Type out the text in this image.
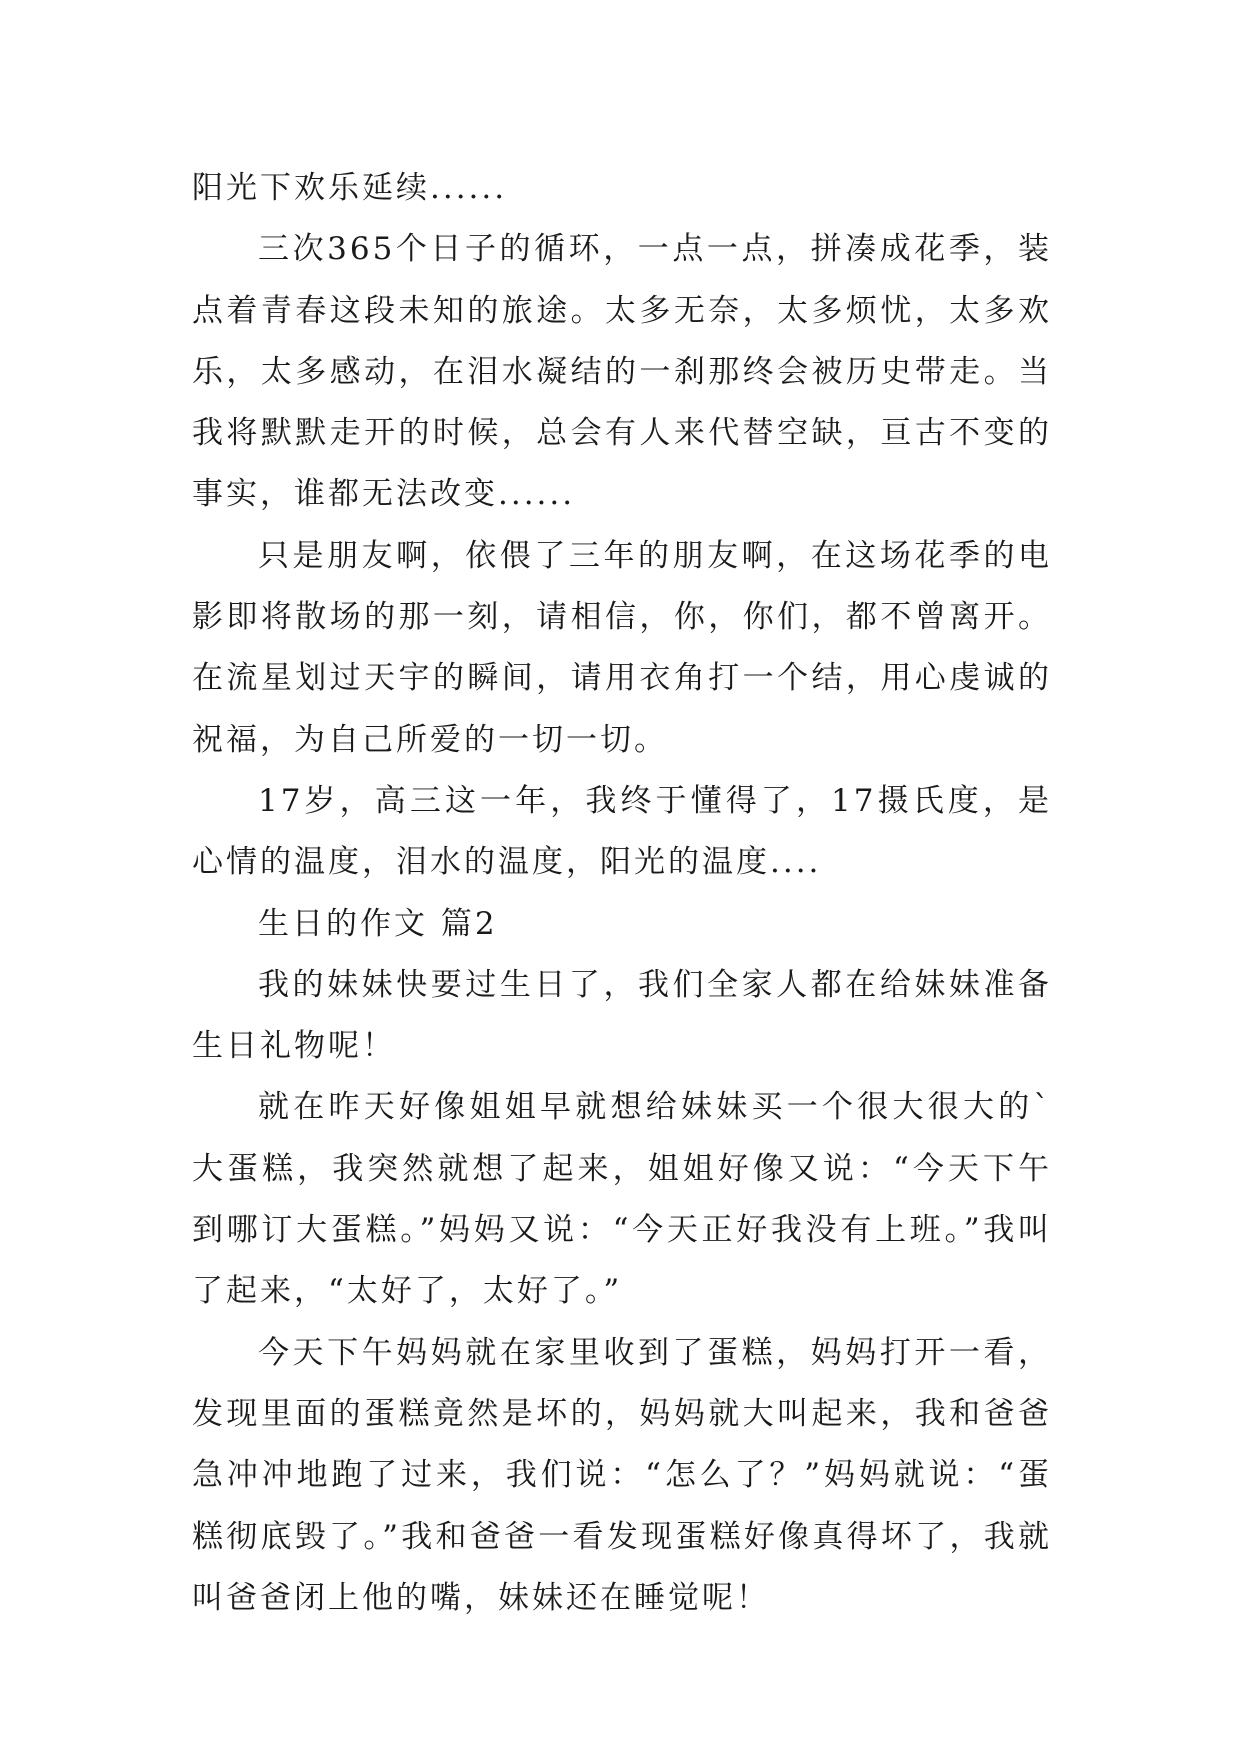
阳光下欢乐延续......

三次365个日子的循环，一点一点，拼凑成花季，装点着青春这段未知的旅途。太多无奈，太多烦忧，太多欢乐，太多感动，在泪水凝结的一刹那终会被历史带走。当我将默默走开的时候，总会有人来代替空缺，亘古不变的事实，谁都无法改变......

只是朋友啊，依偎了三年的朋友啊，在这场花季的电影即将散场的那一刻，请相信，你，你们，都不曾离开。在流星划过天宇的瞬间，请用衣角打一个结，用心虔诚的祝福，为自己所爱的一切一切。

17岁，高三这一年，我终于懂得了，17摄氏度，是心情的温度，泪水的温度，阳光的温度....

生日的作文 篇2

我的妹妹快要过生日了，我们全家人都在给妹妹准备生日礼物呢！

就在昨天好像姐姐早就想给妹妹买一个很大很大的`大蛋糕，我突然就想了起来，姐姐好像又说：“今天下午到哪订大蛋糕。”妈妈又说：“今天正好我没有上班。”我叫了起来，“太好了，太好了。”

今天下午妈妈就在家里收到了蛋糕，妈妈打开一看，发现里面的蛋糕竟然是坏的，妈妈就大叫起来，我和爸爸急冲冲地跑了过来，我们说：“怎么了？”妈妈就说：“蛋糕彻底毁了。”我和爸爸一看发现蛋糕好像真得坏了，我就叫爸爸闭上他的嘴，妹妹还在睡觉呢！
